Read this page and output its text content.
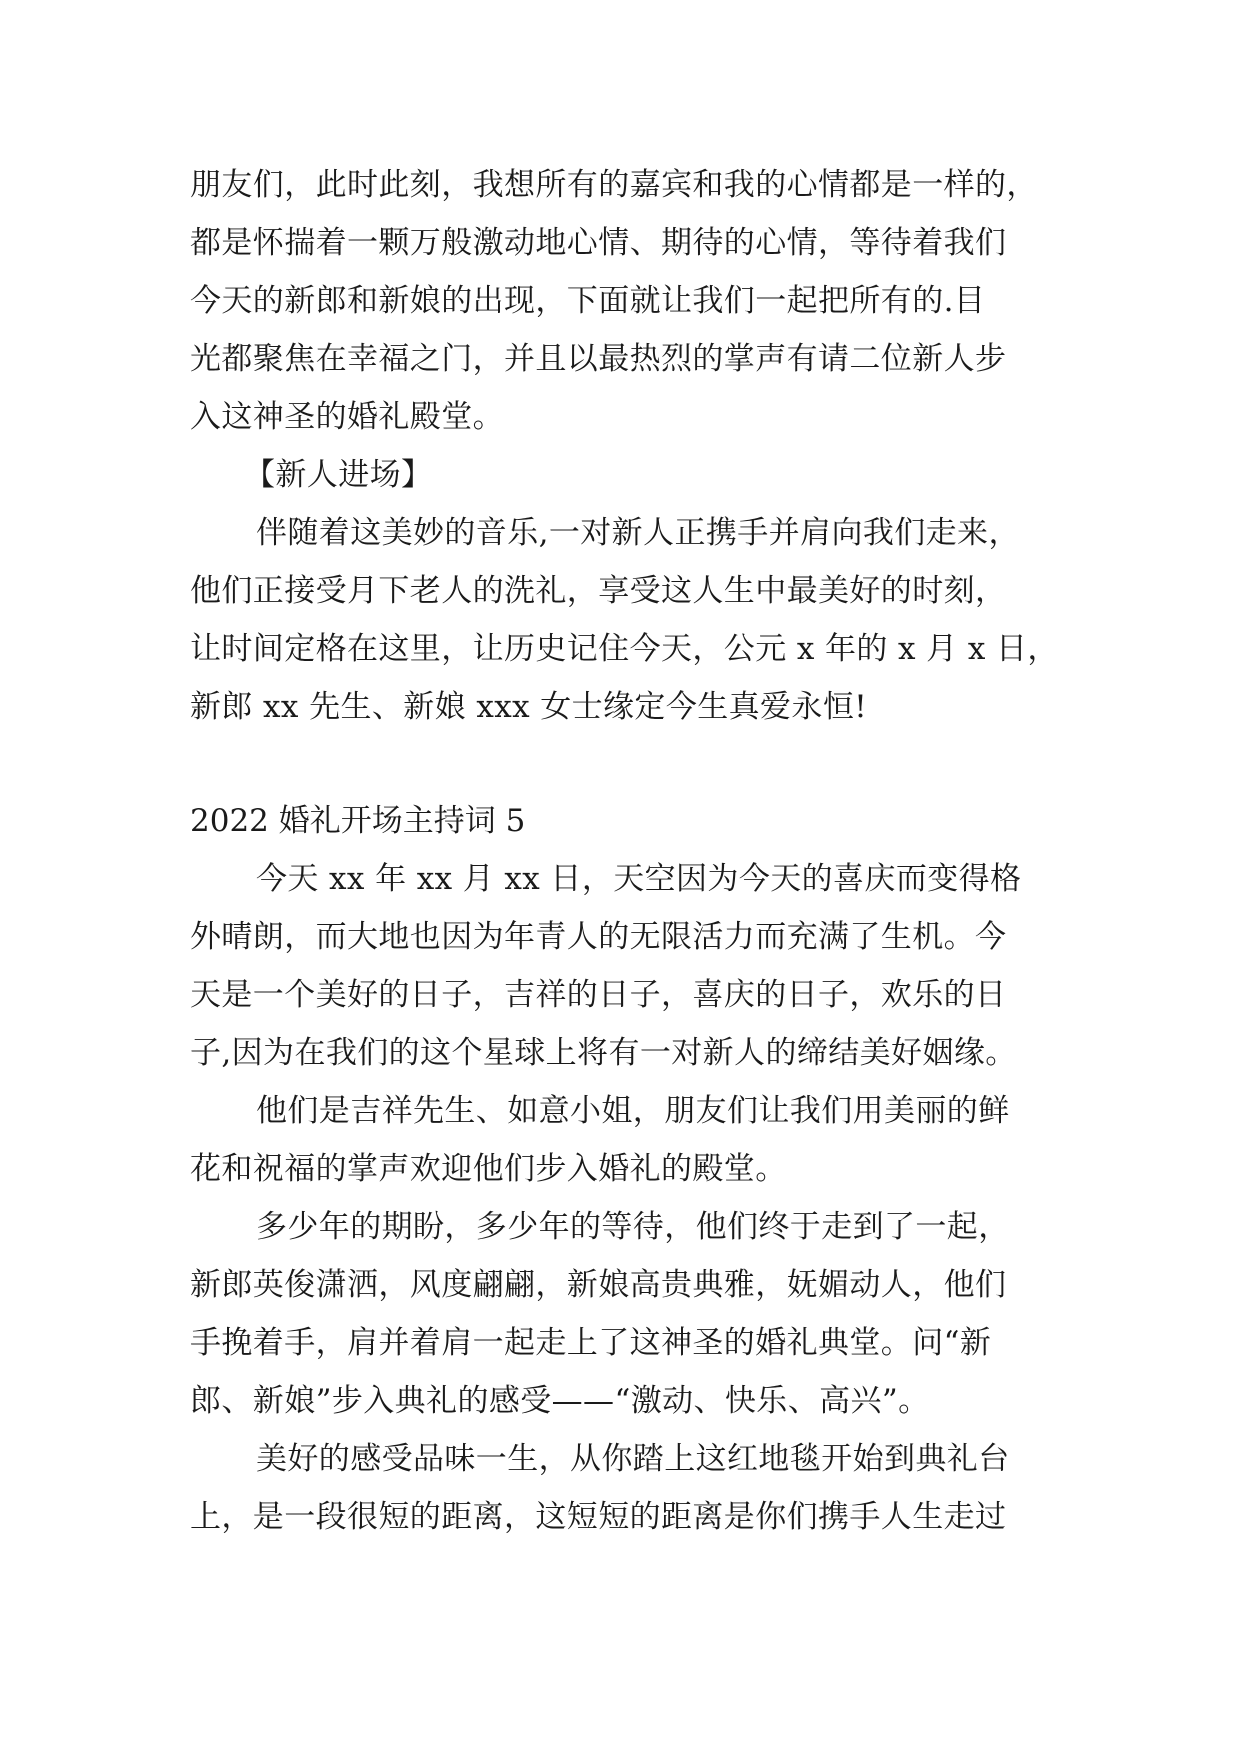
朋友们，此时此刻，我想所有的嘉宾和我的心情都是一样的，
都是怀揣着一颗万般激动地心情、期待的心情，等待着我们
今天的新郎和新娘的出现，下面就让我们一起把所有的.目
光都聚焦在幸福之门，并且以最热烈的掌声有请二位新人步
入这神圣的婚礼殿堂。
【新人进场】
伴随着这美妙的音乐,一对新人正携手并肩向我们走来，
他们正接受月下老人的洗礼，享受这人生中最美好的时刻，
让时间定格在这里，让历史记住今天，公元 x 年的 x 月 x 日，
新郎 xx 先生、新娘 xxx 女士缘定今生真爱永恒!
2022 婚礼开场主持词 5
今天 xx 年 xx 月 xx 日，天空因为今天的喜庆而变得格
外晴朗，而大地也因为年青人的无限活力而充满了生机。今
天是一个美好的日子，吉祥的日子，喜庆的日子，欢乐的日
子,因为在我们的这个星球上将有一对新人的缔结美好姻缘。
他们是吉祥先生、如意小姐，朋友们让我们用美丽的鲜
花和祝福的掌声欢迎他们步入婚礼的殿堂。
多少年的期盼，多少年的等待，他们终于走到了一起，
新郎英俊潇洒，风度翩翩，新娘高贵典雅，妩媚动人，他们
手挽着手，肩并着肩一起走上了这神圣的婚礼典堂。问“新
郎、新娘”步入典礼的感受——“激动、快乐、高兴”。
美好的感受品味一生，从你踏上这红地毯开始到典礼台
上，是一段很短的距离，这短短的距离是你们携手人生走过
